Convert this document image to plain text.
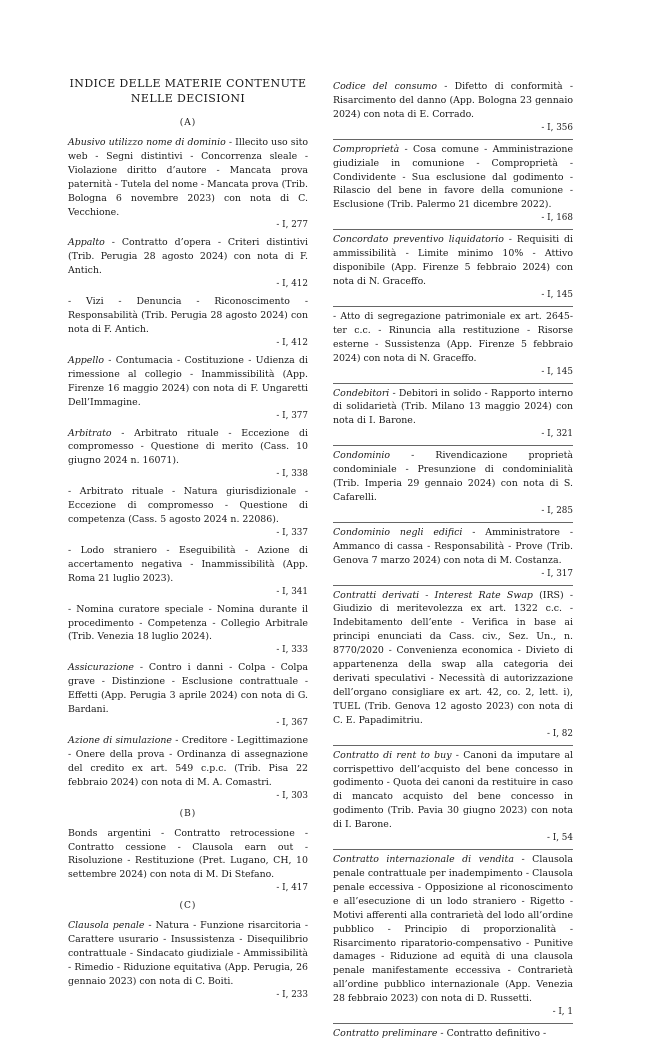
INDICE DELLE MATERIE CONTENUTE NELLE DECISIONI
(A)

Abusivo utilizzo nome di dominio - Illecito uso sito web - Segni distintivi - Concorrenza sleale - Violazione diritto d’autore - Mancata prova paternità - Tutela del nome - Mancata prova (Trib. Bologna 6 novembre 2023) con nota di C. Vecchione.
- I, 277

Appalto - Contratto d’opera - Criteri distintivi (Trib. Perugia 28 agosto 2024) con nota di F. Antich.
- I, 412

- Vizi - Denuncia - Riconoscimento - Responsabilità (Trib. Perugia 28 agosto 2024) con nota di F. Antich.
- I, 412

Appello - Contumacia - Costituzione - Udienza di rimessione al collegio - Inammissibilità (App. Firenze 16 maggio 2024) con nota di F. Ungaretti Dell’Immagine.
- I, 377

Arbitrato - Arbitrato rituale - Eccezione di compromesso - Questione di merito (Cass. 10 giugno 2024 n. 16071).
- I, 338

- Arbitrato rituale - Natura giurisdizionale - Eccezione di compromesso - Questione di competenza (Cass. 5 agosto 2024 n. 22086).
- I, 337

- Lodo straniero - Eseguibilità - Azione di accertamento negativa - Inammissibilità (App. Roma 21 luglio 2023).
- I, 341

- Nomina curatore speciale - Nomina durante il procedimento - Competenza - Collegio Arbitrale (Trib. Venezia 18 luglio 2024).
- I, 333

Assicurazione - Contro i danni - Colpa - Colpa grave - Distinzione - Esclusione contrattuale - Effetti (App. Perugia 3 aprile 2024) con nota di G. Bardani.
- I, 367

Azione di simulazione - Creditore - Legittimazione - Onere della prova - Ordinanza di assegnazione del credito ex art. 549 c.p.c. (Trib. Pisa 22 febbraio 2024) con nota di M. A. Comastri.
- I, 303

(B)

Bonds argentini - Contratto retrocessione - Contratto cessione - Clausola earn out - Risoluzione - Restituzione (Pret. Lugano, CH, 10 settembre 2024) con nota di M. Di Stefano.
- I, 417

(C)

Clausola penale - Natura - Funzione risarcitoria - Carattere usurario - Insussistenza - Disequilibrio contrattuale - Sindacato giudiziale - Ammissibilità - Rimedio - Riduzione equitativa (App. Perugia, 26 gennaio 2023) con nota di C. Boiti.
- I, 233

Codice del consumo - Difetto di conformità - Risarcimento del danno (App. Bologna 23 gennaio 2024) con nota di E. Corrado.
- I, 356

Comproprietà - Cosa comune - Amministrazione giudiziale in comunione - Comproprietà - Condividente - Sua esclusione dal godimento - Rilascio del bene in favore della comunione - Esclusione (Trib. Palermo 21 dicembre 2022).
- I, 168

Concordato preventivo liquidatorio - Requisiti di ammissibilità - Limite minimo 10% - Attivo disponibile (App. Firenze 5 febbraio 2024) con nota di N. Graceffo.
- I, 145

- Atto di segregazione patrimoniale ex art. 2645-ter c.c. - Rinuncia alla restituzione - Risorse esterne - Sussistenza (App. Firenze 5 febbraio 2024) con nota di N. Graceffo.
- I, 145

Condebitori - Debitori in solido - Rapporto interno di solidarietà (Trib. Milano 13 maggio 2024) con nota di I. Barone.
- I, 321

Condominio - Rivendicazione proprietà condominiale - Presunzione di condominialità (Trib. Imperia 29 gennaio 2024) con nota di S. Cafarelli.
- I, 285

Condominio negli edifici - Amministratore - Ammanco di cassa - Responsabilità - Prove (Trib. Genova 7 marzo 2024) con nota di M. Costanza.
- I, 317

Contratti derivati - Interest Rate Swap (IRS) - Giudizio di meritevolezza ex art. 1322 c.c. - Indebitamento dell’ente - Verifica in base ai principi enunciati da Cass. civ., Sez. Un., n. 8770/2020 - Convenienza economica - Divieto di appartenenza della swap alla categoria dei derivati speculativi - Necessità di autorizzazione dell’organo consigliare ex art. 42, co. 2, lett. i), TUEL (Trib. Genova 12 agosto 2023) con nota di C. E. Papadimitriu.
- I, 82

Contratto di rent to buy - Canoni da imputare al corrispettivo dell’acquisto del bene concesso in godimento - Quota dei canoni da restituire in caso di mancato acquisto del bene concesso in godimento (Trib. Pavia 30 giugno 2023) con nota di I. Barone.
- I, 54

Contratto internazionale di vendita - Clausola penale contrattuale per inadempimento - Clausola penale eccessiva - Opposizione al riconoscimento e all’esecuzione di un lodo straniero - Rigetto - Motivi afferenti alla contrarietà del lodo all’ordine pubblico - Principio di proporzionalità - Risarcimento riparatorio-compensativo - Punitive damages - Riduzione ad equità di una clausola penale manifestamente eccessiva - Contrarietà all’ordine pubblico internazionale (App. Venezia 28 febbraio 2023) con nota di D. Russetti.
- I, 1

Contratto preliminare - Contratto definitivo -
